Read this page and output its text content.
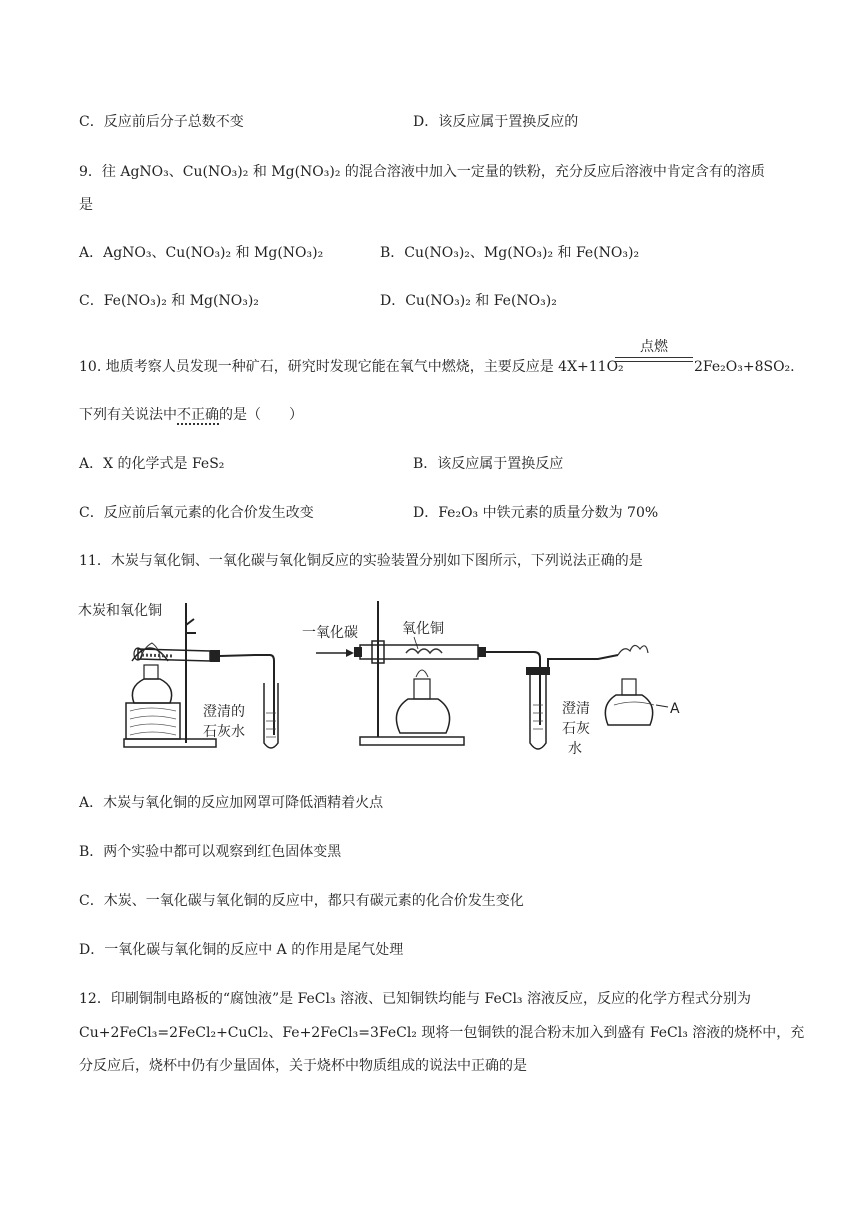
C．反应前后分子总数不变	D．该反应属于置换反应的
9．往 AgNO₃、Cu(NO₃)₂ 和 Mg(NO₃)₂ 的混合溶液中加入一定量的铁粉，充分反应后溶液中肯定含有的溶质
是
A．AgNO₃、Cu(NO₃)₂ 和 Mg(NO₃)₂	B．Cu(NO₃)₂、Mg(NO₃)₂ 和 Fe(NO₃)₂
C．Fe(NO₃)₂ 和 Mg(NO₃)₂	D．Cu(NO₃)₂ 和 Fe(NO₃)₂
10. 地质考察人员发现一种矿石，研究时发现它能在氧气中燃烧，主要反应是 4X+11O₂
点燃
2Fe₂O₃+8SO₂.
下列有关说法中不正确的是（　　）
A．X 的化学式是 FeS₂	B．该反应属于置换反应
C．反应前后氧元素的化合价发生改变	D．Fe₂O₃ 中铁元素的质量分数为 70%
11．木炭与氧化铜、一氧化碳与氧化铜反应的实验装置分别如下图所示，下列说法正确的是
木炭和氧化铜
澄清的
石灰水
一氧化碳	氧化铜
澄清
石灰
水
A
A．木炭与氧化铜的反应加网罩可降低酒精着火点
B．两个实验中都可以观察到红色固体变黑
C．木炭、一氧化碳与氧化铜的反应中，都只有碳元素的化合价发生变化
D．一氧化碳与氧化铜的反应中 A 的作用是尾气处理
12．印刷铜制电路板的“腐蚀液”是 FeCl₃ 溶液、已知铜铁均能与 FeCl₃ 溶液反应，反应的化学方程式分别为
Cu+2FeCl₃=2FeCl₂+CuCl₂、Fe+2FeCl₃=3FeCl₂ 现将一包铜铁的混合粉末加入到盛有 FeCl₃ 溶液的烧杯中，充
分反应后，烧杯中仍有少量固体，关于烧杯中物质组成的说法中正确的是
